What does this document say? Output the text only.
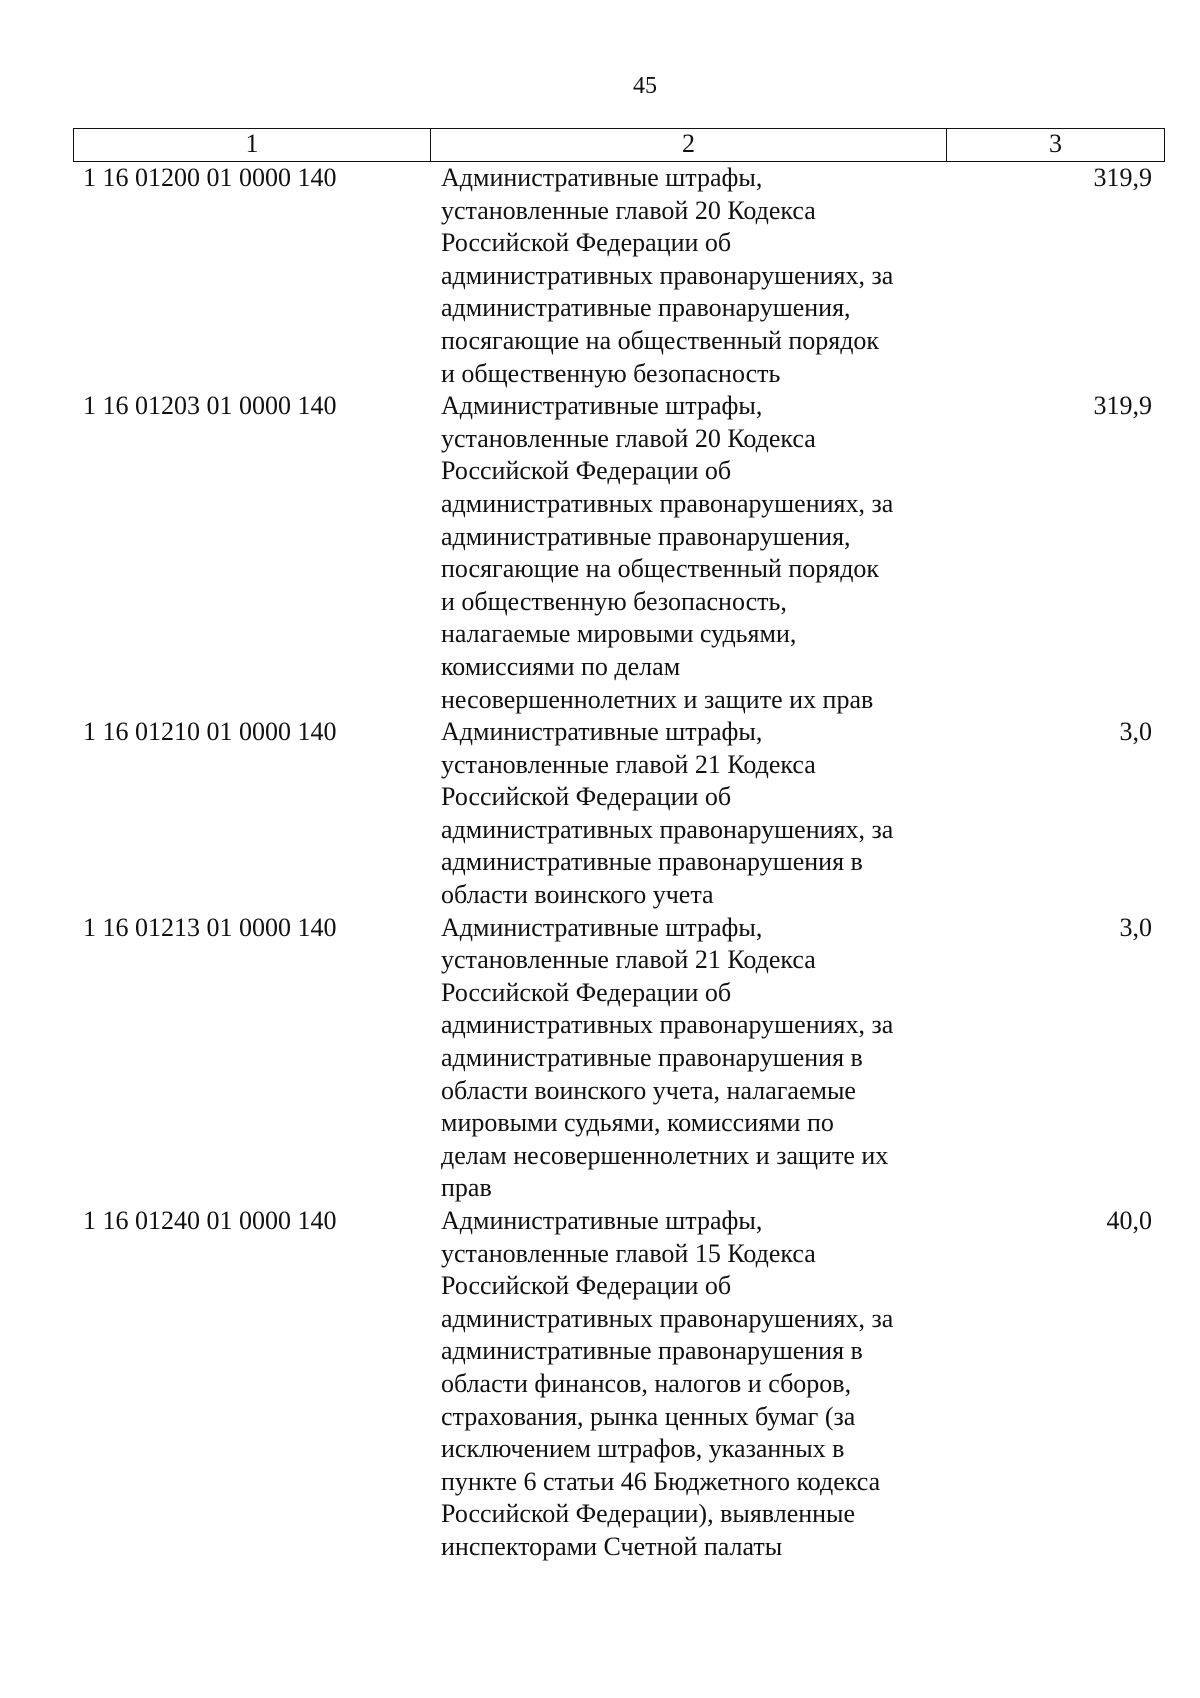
45
1	2	3
1 16 01200 01 0000 140	Административные штрафы,
установленные главой 20 Кодекса
Российской Федерации об
административных правонарушениях, за
административные правонарушения,
посягающие на общественный порядок
и общественную безопасность
319,9
1 16 01203 01 0000 140	Административные штрафы,
установленные главой 20 Кодекса
Российской Федерации об
административных правонарушениях, за
административные правонарушения,
посягающие на общественный порядок
и общественную безопасность,
налагаемые мировыми судьями,
комиссиями по делам
несовершеннолетних и защите их прав
319,9
1 16 01210 01 0000 140	Административные штрафы,
установленные главой 21 Кодекса
Российской Федерации об
административных правонарушениях, за
административные правонарушения в
области воинского учета
3,0
1 16 01213 01 0000 140	Административные штрафы,
установленные главой 21 Кодекса
Российской Федерации об
административных правонарушениях, за
административные правонарушения в
области воинского учета, налагаемые
мировыми судьями, комиссиями по
делам несовершеннолетних и защите их
прав
3,0
1 16 01240 01 0000 140	Административные штрафы,
установленные главой 15 Кодекса
Российской Федерации об
административных правонарушениях, за
административные правонарушения в
области финансов, налогов и сборов,
страхования, рынка ценных бумаг (за
исключением штрафов, указанных в
пункте 6 статьи 46 Бюджетного кодекса
Российской Федерации), выявленные
инспекторами Счетной палаты
40,0
